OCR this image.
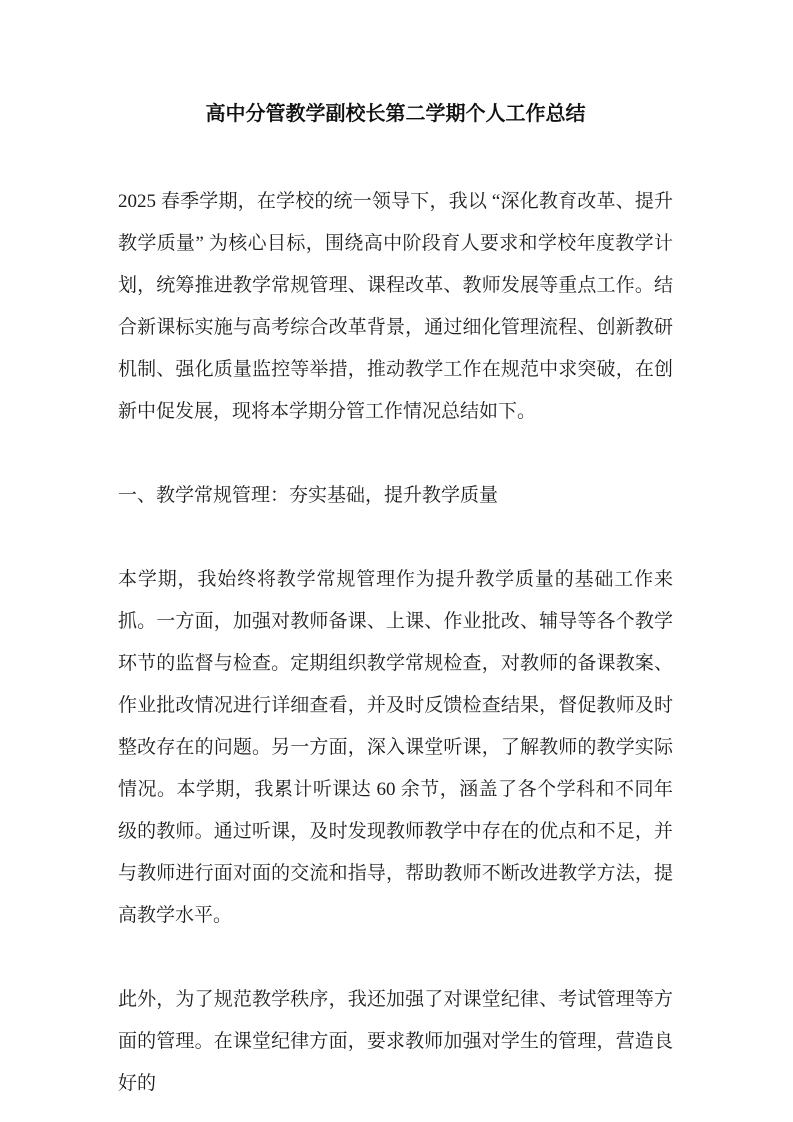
高中分管教学副校长第二学期个人工作总结

2025 春季学期，在学校的统一领导下，我以 “深化教育改革、提升教学质量” 为核心目标，围绕高中阶段育人要求和学校年度教学计划，统筹推进教学常规管理、课程改革、教师发展等重点工作。结合新课标实施与高考综合改革背景，通过细化管理流程、创新教研机制、强化质量监控等举措，推动教学工作在规范中求突破，在创新中促发展，现将本学期分管工作情况总结如下。

一、教学常规管理：夯实基础，提升教学质量

本学期，我始终将教学常规管理作为提升教学质量的基础工作来抓。一方面，加强对教师备课、上课、作业批改、辅导等各个教学环节的监督与检查。定期组织教学常规检查，对教师的备课教案、作业批改情况进行详细查看，并及时反馈检查结果，督促教师及时整改存在的问题。另一方面，深入课堂听课，了解教师的教学实际情况。本学期，我累计听课达 60 余节，涵盖了各个学科和不同年级的教师。通过听课，及时发现教师教学中存在的优点和不足，并与教师进行面对面的交流和指导，帮助教师不断改进教学方法，提高教学水平。

此外，为了规范教学秩序，我还加强了对课堂纪律、考试管理等方面的管理。在课堂纪律方面，要求教师加强对学生的管理，营造良好的
